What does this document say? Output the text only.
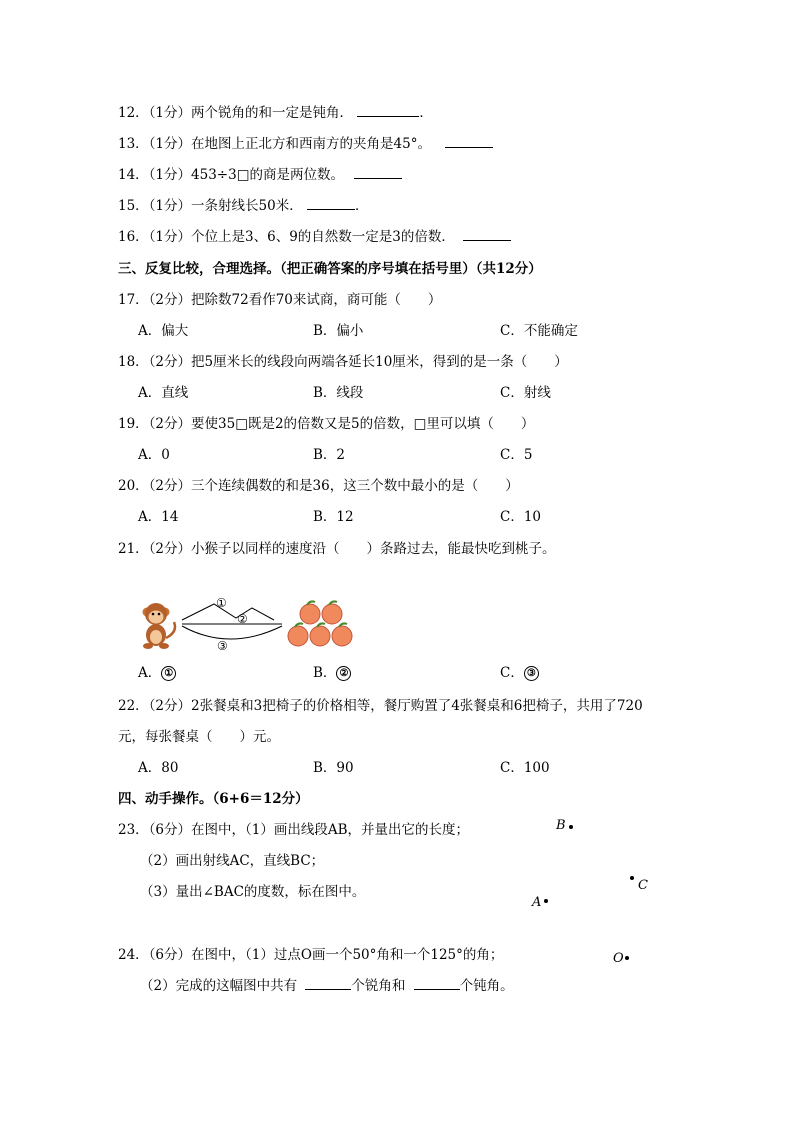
12．（1分）两个锐角的和一定是钝角．	．
13．（1分）在地图上正北方和西南方的夹角是45°。
14．（1分）453÷3□的商是两位数。
15．（1分）一条射线长50米．	．
16．（1分）个位上是3、6、9的自然数一定是3的倍数．
三、反复比较，合理选择。（把正确答案的序号填在括号里）（共12分）
17．（2分）把除数72看作70来试商，商可能（　　）
A．偏大	B．偏小	C．不能确定
18．（2分）把5厘米长的线段向两端各延长10厘米，得到的是一条（　　）
A．直线	B．线段	C．射线
19．（2分）要使35□既是2的倍数又是5的倍数，□里可以填（　　）
A．0	B．2	C．5
20．（2分）三个连续偶数的和是36，这三个数中最小的是（　　）
A．14	B．12	C．10
21．（2分）小猴子以同样的速度沿（　　）条路过去，能最快吃到桃子。
①
②
③
A． ①	B． ②	C． ③
22．（2分）2张餐桌和3把椅子的价格相等，餐厅购置了4张餐桌和6把椅子，共用了720
元，每张餐桌（　　）元。
A．80	B．90	C．100
四、动手操作。（6+6＝12分）
23．（6分）在图中，（1）画出线段AB，并量出它的长度；
（2）画出射线AC，直线BC；
（3）量出∠BAC的度数，标在图中。
B
C
A
24．（6分）在图中，（1）过点O画一个50°角和一个125°的角；	O
（2）完成的这幅图中共有	个锐角和	个钝角。
